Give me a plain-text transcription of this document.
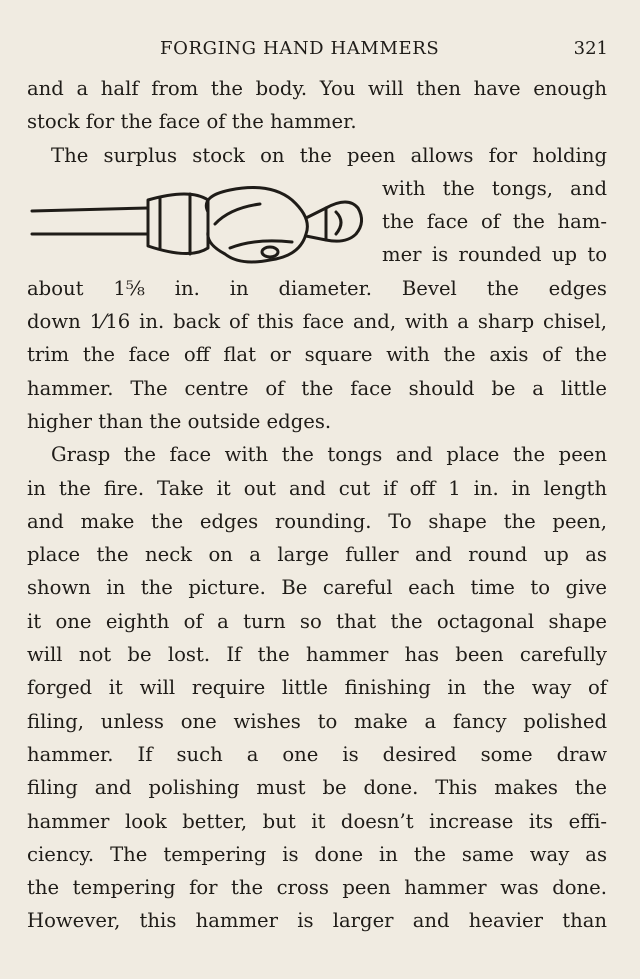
FORGING HAND HAMMERS	321
and a half from the body. You will then have enough
stock for the face of the hammer.
The surplus stock on the peen allows for holding
with the tongs, and
the face of the ham-
mer is rounded up to
about 1⅝ in. in diameter. Bevel the edges
down 1⁄16 in. back of this face and, with a sharp chisel,
trim the face off flat or square with the axis of the
hammer. The centre of the face should be a little
higher than the outside edges.
Grasp the face with the tongs and place the peen
in the fire. Take it out and cut if off 1 in. in length
and make the edges rounding. To shape the peen,
place the neck on a large fuller and round up as
shown in the picture. Be careful each time to give
it one eighth of a turn so that the octagonal shape
will not be lost. If the hammer has been carefully
forged it will require little finishing in the way of
filing, unless one wishes to make a fancy polished
hammer. If such a one is desired some draw
filing and polishing must be done. This makes the
hammer look better, but it doesn’t increase its effi-
ciency. The tempering is done in the same way as
the tempering for the cross peen hammer was done.
However, this hammer is larger and heavier than
